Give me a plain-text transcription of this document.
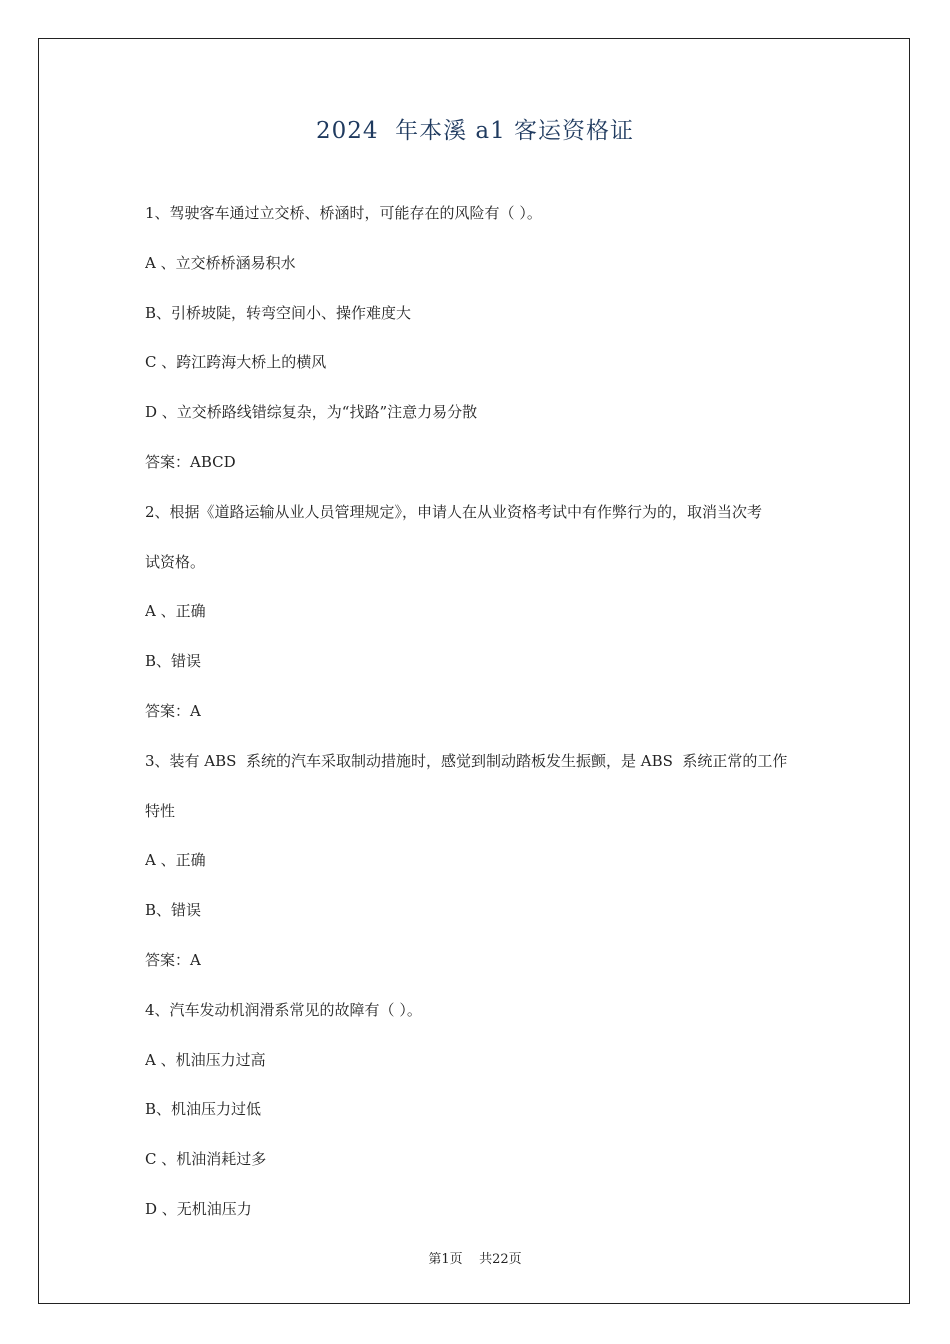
2024  年本溪 a1 客运资格证
1、驾驶客车通过立交桥、桥涵时，可能存在的风险有（ ）。
A 、立交桥桥涵易积水
B、引桥坡陡，转弯空间小、操作难度大
C 、跨江跨海大桥上的横风
D 、立交桥路线错综复杂，为“找路”注意力易分散
答案：ABCD
2、根据《道路运输从业人员管理规定》，申请人在从业资格考试中有作弊行为的，取消当次考
试资格。
A 、正确
B、错误
答案：A
3、装有 ABS  系统的汽车采取制动措施时，感觉到制动踏板发生振颤，是 ABS  系统正常的工作
特性
A 、正确
B、错误
答案：A
4、汽车发动机润滑系常见的故障有（ ）。
A 、机油压力过高
B、机油压力过低
C 、机油消耗过多
D 、无机油压力
第1页    共22页
